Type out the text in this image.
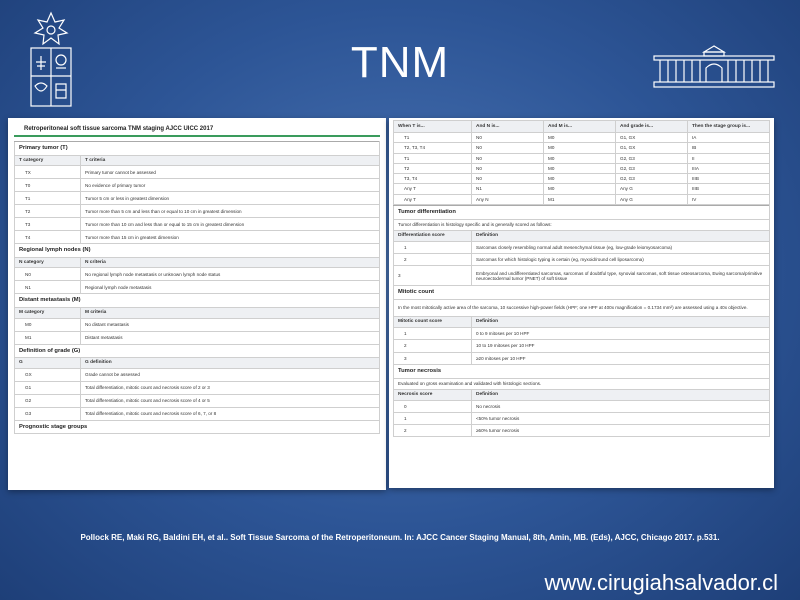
TNM
Retroperitoneal soft tissue sarcoma TNM staging AJCC UICC 2017
Primary tumor (T)	
T category	T criteria
TX	Primary tumor cannot be assessed
T0	No evidence of primary tumor
T1	Tumor 5 cm or less in greatest dimension
T2	Tumor more than 5 cm and less than or equal to 10 cm in greatest dimension
T3	Tumor more than 10 cm and less than or equal to 15 cm in greatest dimension
T4	Tumor more than 15 cm in greatest dimension
Regional lymph nodes (N)	
N category	N criteria
N0	No regional lymph node metastasis or unknown lymph node status
N1	Regional lymph node metastasis
Distant metastasis (M)	
M category	M criteria
M0	No distant metastasis
M1	Distant metastasis
Definition of grade (G)	
G	G definition
GX	Grade cannot be assessed
G1	Total differentiation, mitotic count and necrosis score of 2 or 3
G2	Total differentiation, mitotic count and necrosis score of 4 or 5
G3	Total differentiation, mitotic count and necrosis score of 6, 7, or 8
Prognostic stage groups	
When T is...	And N is...	And M is...	And grade is...	Then the stage group is...
T1	N0	M0	G1, GX	IA
T2, T3, T4	N0	M0	G1, GX	IB
T1	N0	M0	G2, G3	II
T2	N0	M0	G2, G3	IIIA
T3, T4	N0	M0	G2, G3	IIIB
Any T	N1	M0	Any G	IIIB
Any T	Any N	M1	Any G	IV
Tumor differentiation	
Tumor differentiation is histology specific and is generally scored as follows:	
Differentiation score	Definition
1	Sarcomas closely resembling normal adult mesenchymal tissue (eg, low-grade leiomyosarcoma)
2	Sarcomas for which histologic typing is certain (eg, myxoid/round cell liposarcoma)
3	Embryonal and undifferentiated sarcomas, sarcomas of doubtful type, synovial sarcomas, soft tissue osteosarcoma, Ewing sarcoma/primitive neuroectodermal tumor (PNET) of soft tissue
Mitotic count	
In the most mitotically active area of the sarcoma, 10 successive high-power fields (HPF; one HPF at 400x magnification = 0.1734 mm²) are assessed using a 40x objective.	
Mitotic count score	Definition
1	0 to 9 mitoses per 10 HPF
2	10 to 19 mitoses per 10 HPF
3	≥20 mitoses per 10 HPF
Tumor necrosis	
Evaluated on gross examination and validated with histologic sections.	
Necrosis score	Definition
0	No necrosis
1	<50% tumor necrosis
2	≥50% tumor necrosis
Pollock RE, Maki RG, Baldini EH, et al.. Soft Tissue Sarcoma of the Retroperitoneum. In: AJCC Cancer Staging Manual, 8th, Amin, MB. (Eds), AJCC, Chicago 2017. p.531.
www.cirugiahsalvador.cl
